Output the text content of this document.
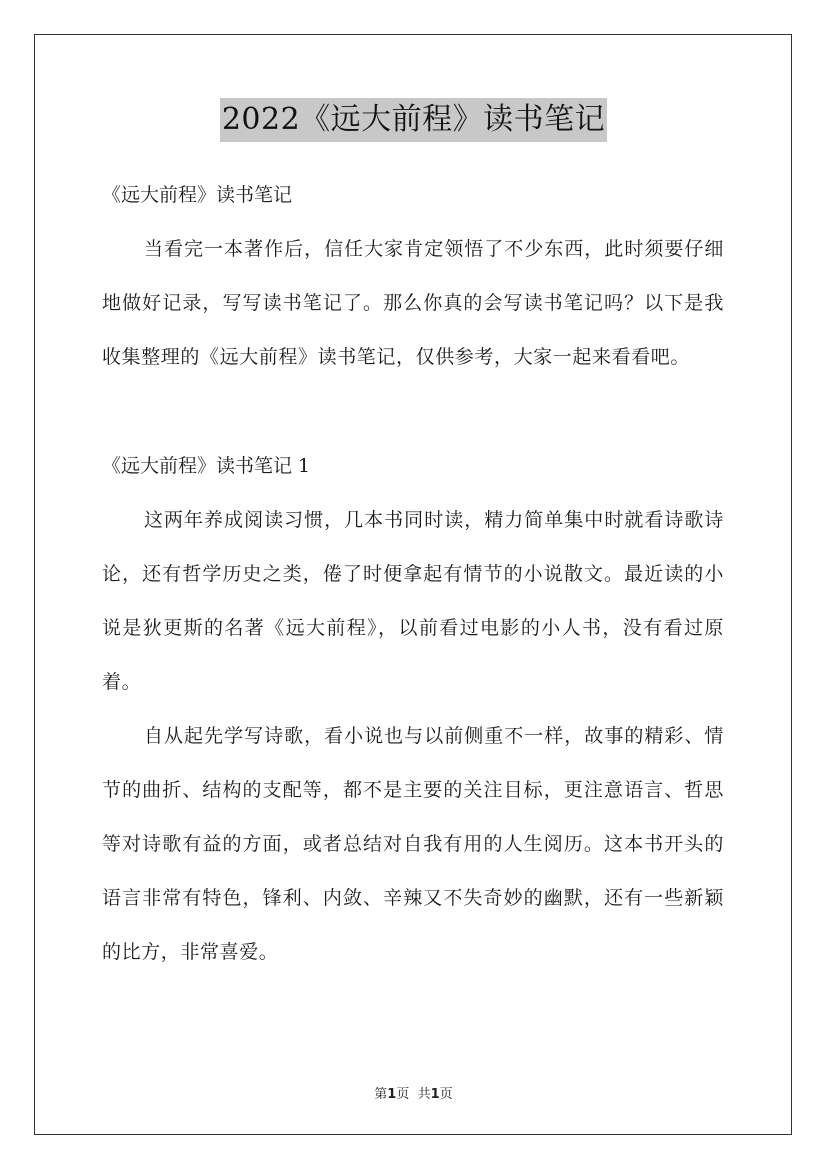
2022《远大前程》读书笔记

《远大前程》读书笔记

当看完一本著作后，信任大家肯定领悟了不少东西，此时须要仔细地做好记录，写写读书笔记了。那么你真的会写读书笔记吗？以下是我收集整理的《远大前程》读书笔记，仅供参考，大家一起来看看吧。

《远大前程》读书笔记 1

这两年养成阅读习惯，几本书同时读，精力简单集中时就看诗歌诗论，还有哲学历史之类，倦了时便拿起有情节的小说散文。最近读的小说是狄更斯的名著《远大前程》，以前看过电影的小人书，没有看过原着。

自从起先学写诗歌，看小说也与以前侧重不一样，故事的精彩、情节的曲折、结构的支配等，都不是主要的关注目标，更注意语言、哲思等对诗歌有益的方面，或者总结对自我有用的人生阅历。这本书开头的语言非常有特色，锋利、内敛、辛辣又不失奇妙的幽默，还有一些新颖 的比方，非常喜爱。

第1页 共1页
